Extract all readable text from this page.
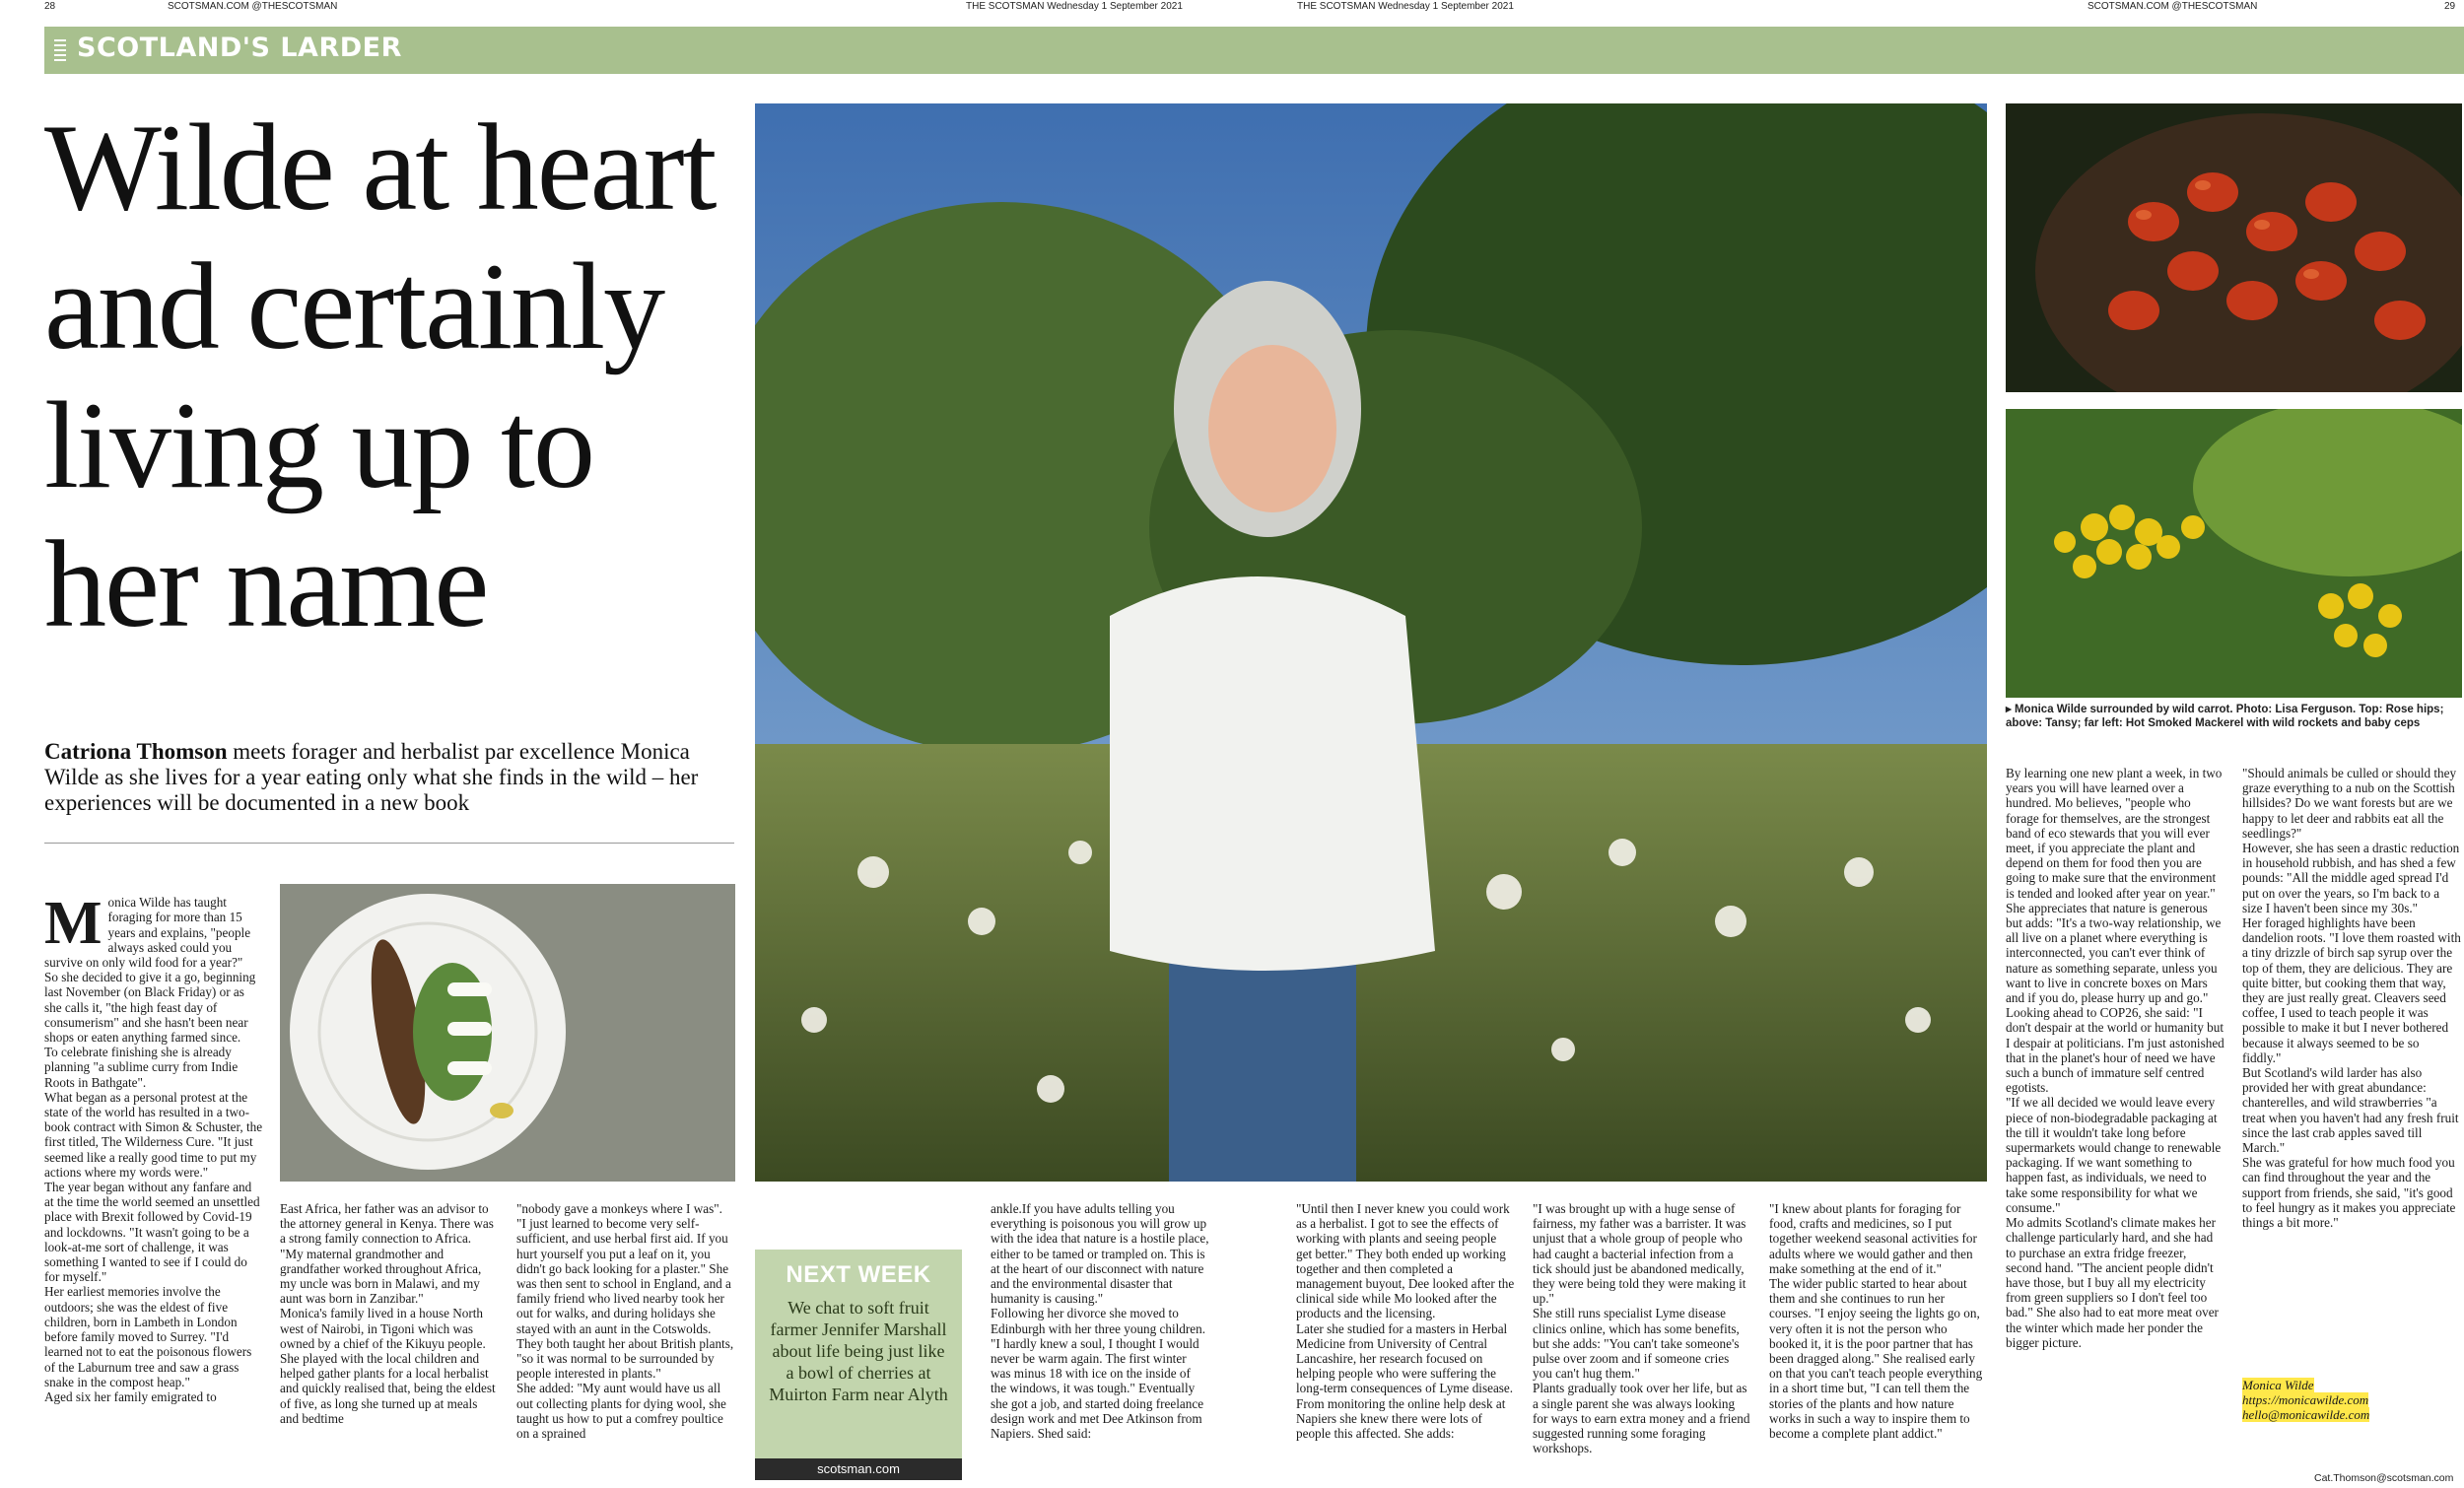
28	SCOTSMAN.COM @THESCOTSMAN	THE SCOTSMAN Wednesday 1 September 2021	THE SCOTSMAN Wednesday 1 September 2021	SCOTSMAN.COM @THESCOTSMAN	29
SCOTLAND'S LARDER
Wilde at heart and certainly living up to her name
Catriona Thomson meets forager and herbalist par excellence Monica Wilde as she lives for a year eating only what she finds in the wild – her experiences will be documented in a new book

Monica Wilde has taught foraging for more than 15 years and explains, "people always asked could you survive on only wild food for a year?"
So she decided to give it a go, beginning last November (on Black Friday) or as she calls it, "the high feast day of consumerism" and she hasn't been near shops or eaten anything farmed since.
To celebrate finishing she is already planning "a sublime curry from Indie Roots in Bathgate".
What began as a personal protest at the state of the world has resulted in a two-book contract with Simon & Schuster, the first titled, The Wilderness Cure. "It just seemed like a really good time to put my actions where my words were."
The year began without any fanfare and at the time the world seemed an unsettled place with Brexit followed by Covid-19 and lockdowns. "It wasn't going to be a look-at-me sort of challenge, it was something I wanted to see if I could do for myself."
Her earliest memories involve the outdoors; she was the eldest of five children, born in Lambeth in London before family moved to Surrey. "I'd learned not to eat the poisonous flowers of the Laburnum tree and saw a grass snake in the compost heap."
Aged six her family emigrated to

East Africa, her father was an advisor to the attorney general in Kenya. There was a strong family connection to Africa.
"My maternal grandmother and grandfather worked throughout Africa, my uncle was born in Malawi, and my aunt was born in Zanzibar."
Monica's family lived in a house North west of Nairobi, in Tigoni which was owned by a chief of the Kikuyu people.
She played with the local children and helped gather plants for a local herbalist and quickly realised that, being the eldest of five, as long she turned up at meals and bedtime
"nobody gave a monkeys where I was".
"I just learned to become very self-sufficient, and use herbal first aid. If you hurt yourself you put a leaf on it, you didn't go back looking for a plaster." She was then sent to school in England, and a family friend who lived nearby took her out for walks, and during holidays she stayed with an aunt in the Cotswolds. They both taught her about British plants, "so it was normal to be surrounded by people interested in plants."
She added: "My aunt would have us all out collecting plants for dying wool, she taught us how to put a comfrey poultice on a sprained
NEXT WEEK
We chat to soft fruit farmer Jennifer Marshall about life being just like a bowl of cherries at Muirton Farm near Alyth
scotsman.com
ankle.If you have adults telling you everything is poisonous you will grow up with the idea that nature is a hostile place, either to be tamed or trampled on. This is at the heart of our disconnect with nature and the environmental disaster that humanity is causing."
Following her divorce she moved to Edinburgh with her three young children. "I hardly knew a soul, I thought I would never be warm again. The first winter was minus 18 with ice on the inside of the windows, it was tough." Eventually she got a job, and started doing freelance design work and met Dee Atkinson from Napiers. Shed said:
"Until then I never knew you could work as a herbalist. I got to see the effects of working with plants and seeing people get better." They both ended up working together and then completed a management buyout, Dee looked after the clinical side while Mo looked after the products and the licensing.
Later she studied for a masters in Herbal Medicine from University of Central Lancashire, her research focused on helping people who were suffering the long-term consequences of Lyme disease.
From monitoring the online help desk at Napiers she knew there were lots of people this affected. She adds:
"I was brought up with a huge sense of fairness, my father was a barrister. It was unjust that a whole group of people who had caught a bacterial infection from a tick should just be abandoned medically, they were being told they were making it up."
She still runs specialist Lyme disease clinics online, which has some benefits, but she adds: "You can't take someone's pulse over zoom and if someone cries you can't hug them."
Plants gradually took over her life, but as a single parent she was always looking for ways to earn extra money and a friend suggested running some foraging workshops.
"I knew about plants for foraging for food, crafts and medicines, so I put together weekend seasonal activities for adults where we would gather and then make something at the end of it."
The wider public started to hear about them and she continues to run her courses. "I enjoy seeing the lights go on, very often it is not the person who booked it, it is the poor partner that has been dragged along." She realised early on that you can't teach people everything in a short time but, "I can tell them the stories of the plants and how nature works in such a way to inspire them to become a complete plant addict."
▸ Monica Wilde surrounded by wild carrot. Photo: Lisa Ferguson. Top: Rose hips; above: Tansy; far left: Hot Smoked Mackerel with wild rockets and baby ceps
By learning one new plant a week, in two years you will have learned over a hundred. Mo believes, "people who forage for themselves, are the strongest band of eco stewards that you will ever meet, if you appreciate the plant and depend on them for food then you are going to make sure that the environment is tended and looked after year on year."
She appreciates that nature is generous but adds: "It's a two-way relationship, we all live on a planet where everything is interconnected, you can't ever think of nature as something separate, unless you want to live in concrete boxes on Mars and if you do, please hurry up and go."
Looking ahead to COP26, she said: "I don't despair at the world or humanity but I despair at politicians. I'm just astonished that in the planet's hour of need we have such a bunch of immature self centred egotists.
"If we all decided we would leave every piece of non-biodegradable packaging at the till it wouldn't take long before supermarkets would change to renewable packaging. If we want something to happen fast, as individuals, we need to take some responsibility for what we consume."
Mo admits Scotland's climate makes her challenge particularly hard, and she had to purchase an extra fridge freezer, second hand. "The ancient people didn't have those, but I buy all my electricity from green suppliers so I don't feel too bad." She also had to eat more meat over the winter which made her ponder the bigger picture.
"Should animals be culled or should they graze everything to a nub on the Scottish hillsides? Do we want forests but are we happy to let deer and rabbits eat all the seedlings?"
However, she has seen a drastic reduction in household rubbish, and has shed a few pounds: "All the middle aged spread I'd put on over the years, so I'm back to a size I haven't been since my 30s."
Her foraged highlights have been dandelion roots. "I love them roasted with a tiny drizzle of birch sap syrup over the top of them, they are delicious. They are quite bitter, but cooking them that way, they are just really great. Cleavers seed coffee, I used to teach people it was possible to make it but I never bothered because it always seemed to be so fiddly."
But Scotland's wild larder has also provided her with great abundance: chanterelles, and wild strawberries "a treat when you haven't had any fresh fruit since the last crab apples saved till March."
She was grateful for how much food you can find throughout the year and the support from friends, she said, "it's good to feel hungry as it makes you appreciate things a bit more."
Monica Wilde
https://monicawilde.com
hello@monicawilde.com
Cat.Thomson@scotsman.com
